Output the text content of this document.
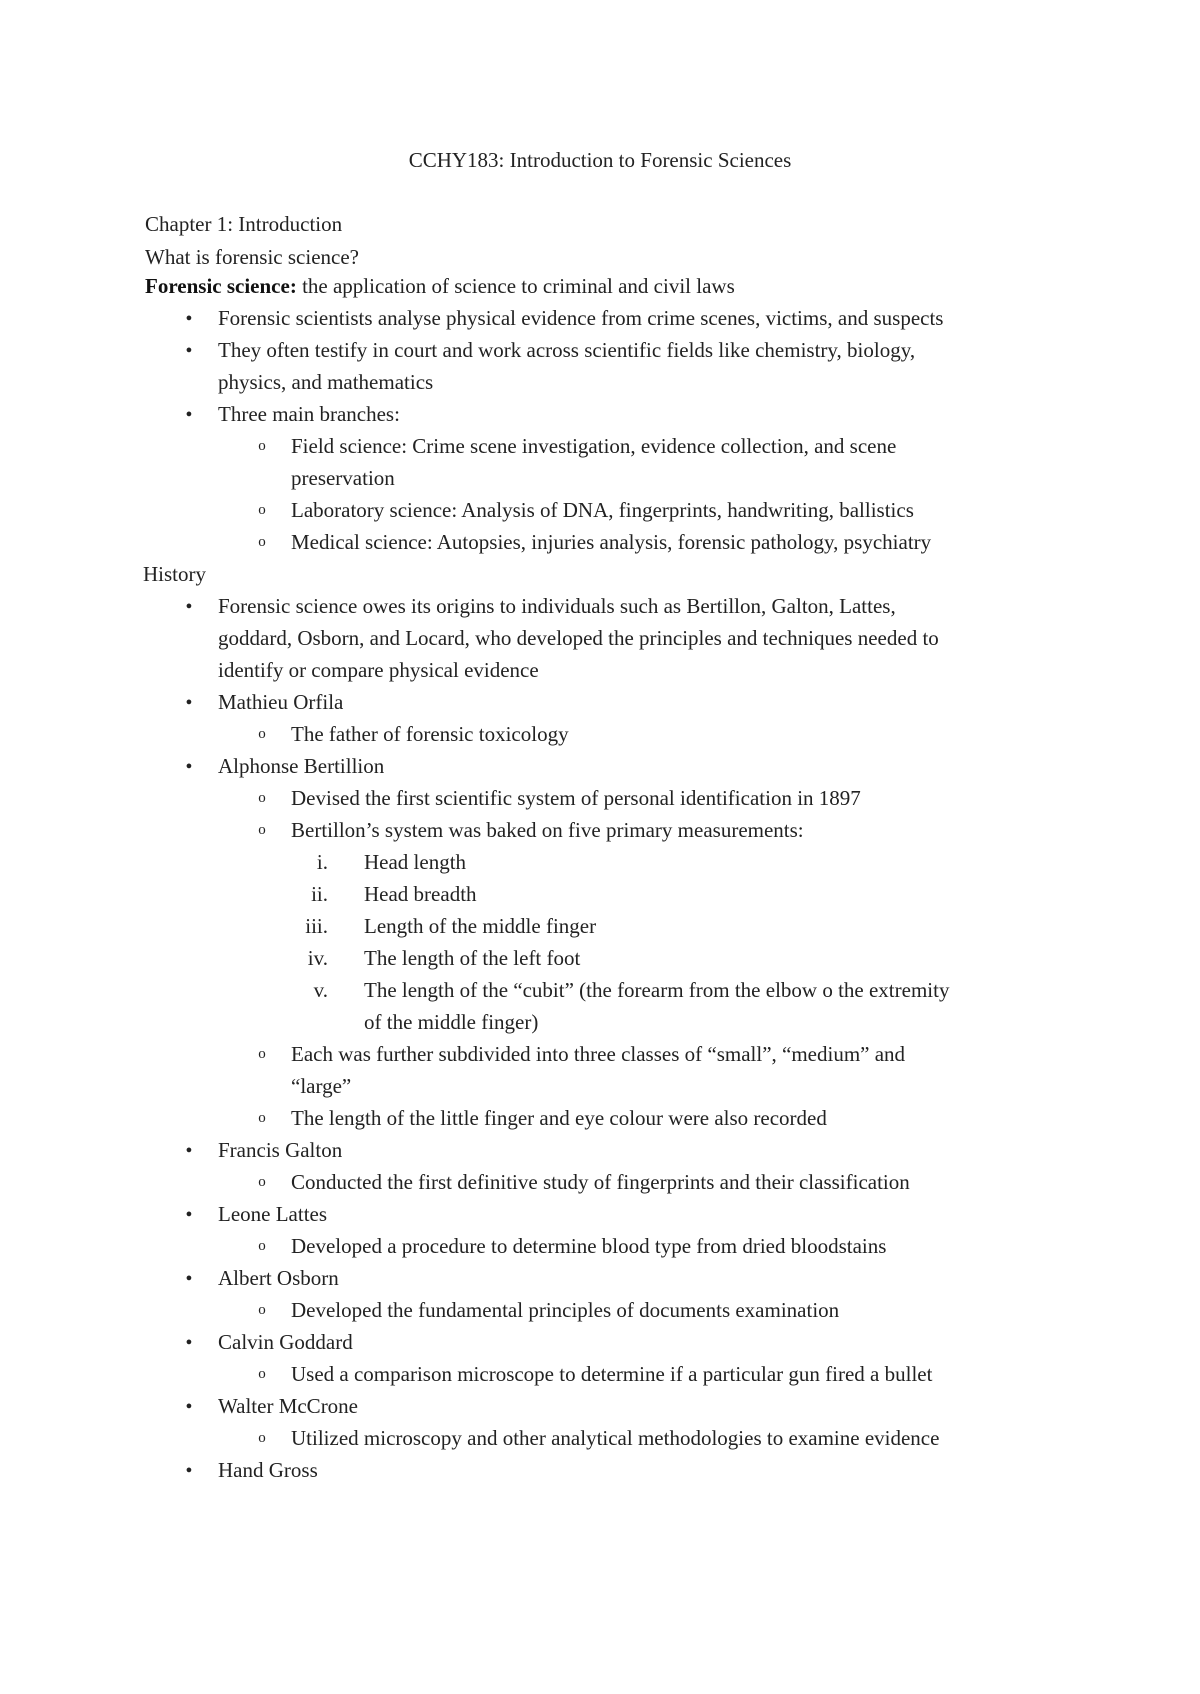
CCHY183: Introduction to Forensic Sciences
Chapter 1: Introduction
What is forensic science?
Forensic science: the application of science to criminal and civil laws
● Forensic scientists analyse physical evidence from crime scenes, victims, and suspects
● They often testify in court and work across scientific fields like chemistry, biology,
physics, and mathematics
● Three main branches:
o Field science: Crime scene investigation, evidence collection, and scene
preservation
o Laboratory science: Analysis of DNA, fingerprints, handwriting, ballistics
o Medical science: Autopsies, injuries analysis, forensic pathology, psychiatry
History
● Forensic science owes its origins to individuals such as Bertillon, Galton, Lattes,
goddard, Osborn, and Locard, who developed the principles and techniques needed to
identify or compare physical evidence
● Mathieu Orfila
o The father of forensic toxicology
● Alphonse Bertillion
o Devised the first scientific system of personal identification in 1897
o Bertillon’s system was baked on five primary measurements:
i. Head length
ii. Head breadth
iii. Length of the middle finger
iv. The length of the left foot
v. The length of the “cubit” (the forearm from the elbow o the extremity
of the middle finger)
o Each was further subdivided into three classes of “small”, “medium” and
“large”
o The length of the little finger and eye colour were also recorded
● Francis Galton
o Conducted the first definitive study of fingerprints and their classification
● Leone Lattes
o Developed a procedure to determine blood type from dried bloodstains
● Albert Osborn
o Developed the fundamental principles of documents examination
● Calvin Goddard
o Used a comparison microscope to determine if a particular gun fired a bullet
● Walter McCrone
o Utilized microscopy and other analytical methodologies to examine evidence
● Hand Gross
